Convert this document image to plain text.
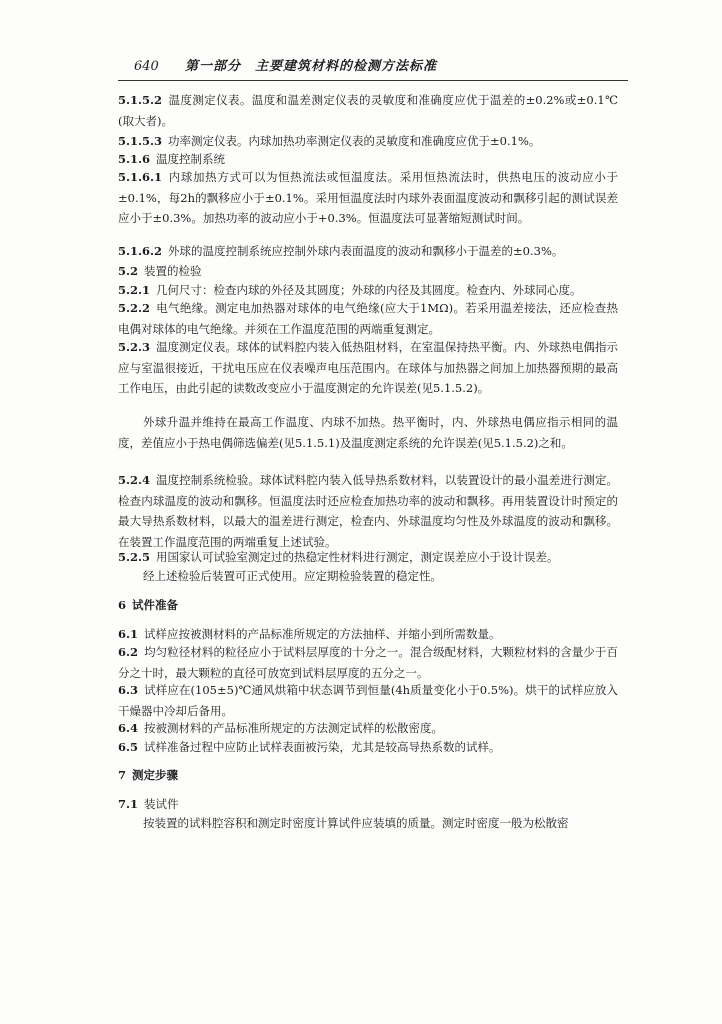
640 第一部分　主要建筑材料的检测方法标准

5.1.5.2 温度测定仪表。温度和温差测定仪表的灵敏度和准确度应优于温差的±0.2%或±0.1℃(取大者)。

5.1.5.3 功率测定仪表。内球加热功率测定仪表的灵敏度和准确度应优于±0.1%。

5.1.6 温度控制系统

5.1.6.1 内球加热方式可以为恒热流法或恒温度法。采用恒热流法时，供热电压的波动应小于±0.1%，每2h的飘移应小于±0.1%。采用恒温度法时内球外表面温度波动和飘移引起的测试误差应小于±0.3%。加热功率的波动应小于+0.3%。恒温度法可显著缩短测试时间。

5.1.6.2 外球的温度控制系统应控制外球内表面温度的波动和飘移小于温差的±0.3%。

5.2 装置的检验

5.2.1 几何尺寸：检查内球的外径及其圆度；外球的内径及其圆度。检查内、外球同心度。

5.2.2 电气绝缘。测定电加热器对球体的电气绝缘(应大于1MΩ)。若采用温差接法，还应检查热电偶对球体的电气绝缘。并须在工作温度范围的两端重复测定。

5.2.3 温度测定仪表。球体的试料腔内装入低热阻材料，在室温保持热平衡。内、外球热电偶指示应与室温很接近，干扰电压应在仪表噪声电压范围内。在球体与加热器之间加上加热器预期的最高工作电压，由此引起的读数改变应小于温度测定的允许误差(见5.1.5.2)。

外球升温并维持在最高工作温度、内球不加热。热平衡时，内、外球热电偶应指示相同的温度，差值应小于热电偶筛选偏差(见5.1.5.1)及温度测定系统的允许误差(见5.1.5.2)之和。

5.2.4 温度控制系统检验。球体试料腔内装入低导热系数材料，以装置设计的最小温差进行测定。检查内球温度的波动和飘移。恒温度法时还应检查加热功率的波动和飘移。再用装置设计时预定的最大导热系数材料，以最大的温差进行测定，检查内、外球温度均匀性及外球温度的波动和飘移。在装置工作温度范围的两端重复上述试验。

5.2.5 用国家认可试验室测定过的热稳定性材料进行测定，测定误差应小于设计误差。

经上述检验后装置可正式使用。应定期检验装置的稳定性。

6 试件准备

6.1 试样应按被测材料的产品标准所规定的方法抽样、并缩小到所需数量。

6.2 均匀粒径材料的粒径应小于试料层厚度的十分之一。混合级配材料，大颗粒材料的含量少于百分之十时，最大颗粒的直径可放宽到试料层厚度的五分之一。

6.3 试样应在(105±5)℃通风烘箱中状态调节到恒量(4h质量变化小于0.5%)。烘干的试样应放入干燥器中冷却后备用。

6.4 按被测材料的产品标准所规定的方法测定试样的松散密度。

6.5 试样准备过程中应防止试样表面被污染，尤其是较高导热系数的试样。

7 测定步骤

7.1 装试件

按装置的试料腔容积和测定时密度计算试件应装填的质量。测定时密度一般为松散密
